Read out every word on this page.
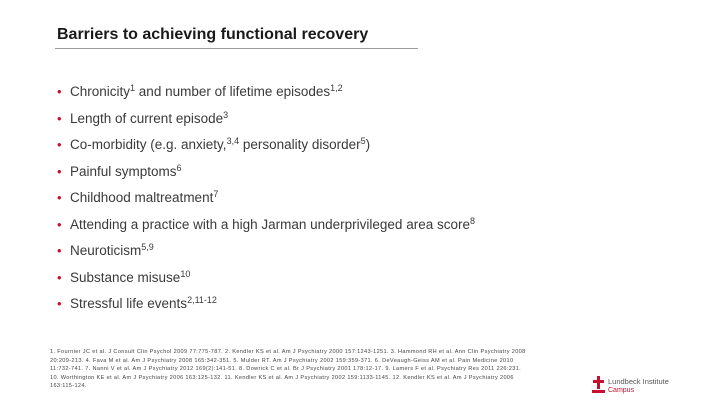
Barriers to achieving functional recovery
• Chronicity$^1$ and number of lifetime episodes$^{1,2}$
• Length of current episode$^3$
• Co-morbidity (e.g. anxiety,$^{3,4}$ personality disorder$^5$)
• Painful symptoms$^6$
• Childhood maltreatment$^7$
• Attending a practice with a high Jarman underprivileged area score$^8$
• Neuroticism$^{5,9}$
• Substance misuse$^{10}$
• Stressful life events$^{2,11-12}$
1. Fournier JC et al. J Consult Clin Psychol 2009 77:775-787. 2. Kendler KS et al. Am J Psychiatry 2000 157:1243-1251. 3. Hammond RH et al. Ann Clin Psychiatry 2008 20:209-213. 4. Fava M et al. Am J Psychiatry 2008 165:342-351. 5. Mulder RT. Am J Psychiatry 2002 159:359-371. 6. DeVeaugh-Geiss AM et al. Pain Medicine 2010 11:732-741. 7. Nanni V et al. Am J Psychiatry 2012 169(2):141-51. 8. Dowrick C et al. Br J Psychiatry 2001 178:12-17. 9. Lamers F et al. Psychiatry Res 2011 226:231. 10. Worthington KE et al. Am J Psychiatry 2006 163:125-132. 11. Kendler KS et al. Am J Psychiatry 2002 159:1133-1145. 12. Kendler KS et al. Am J Psychiatry 2006 163:115-124.
Lundbeck Institute
Campus
